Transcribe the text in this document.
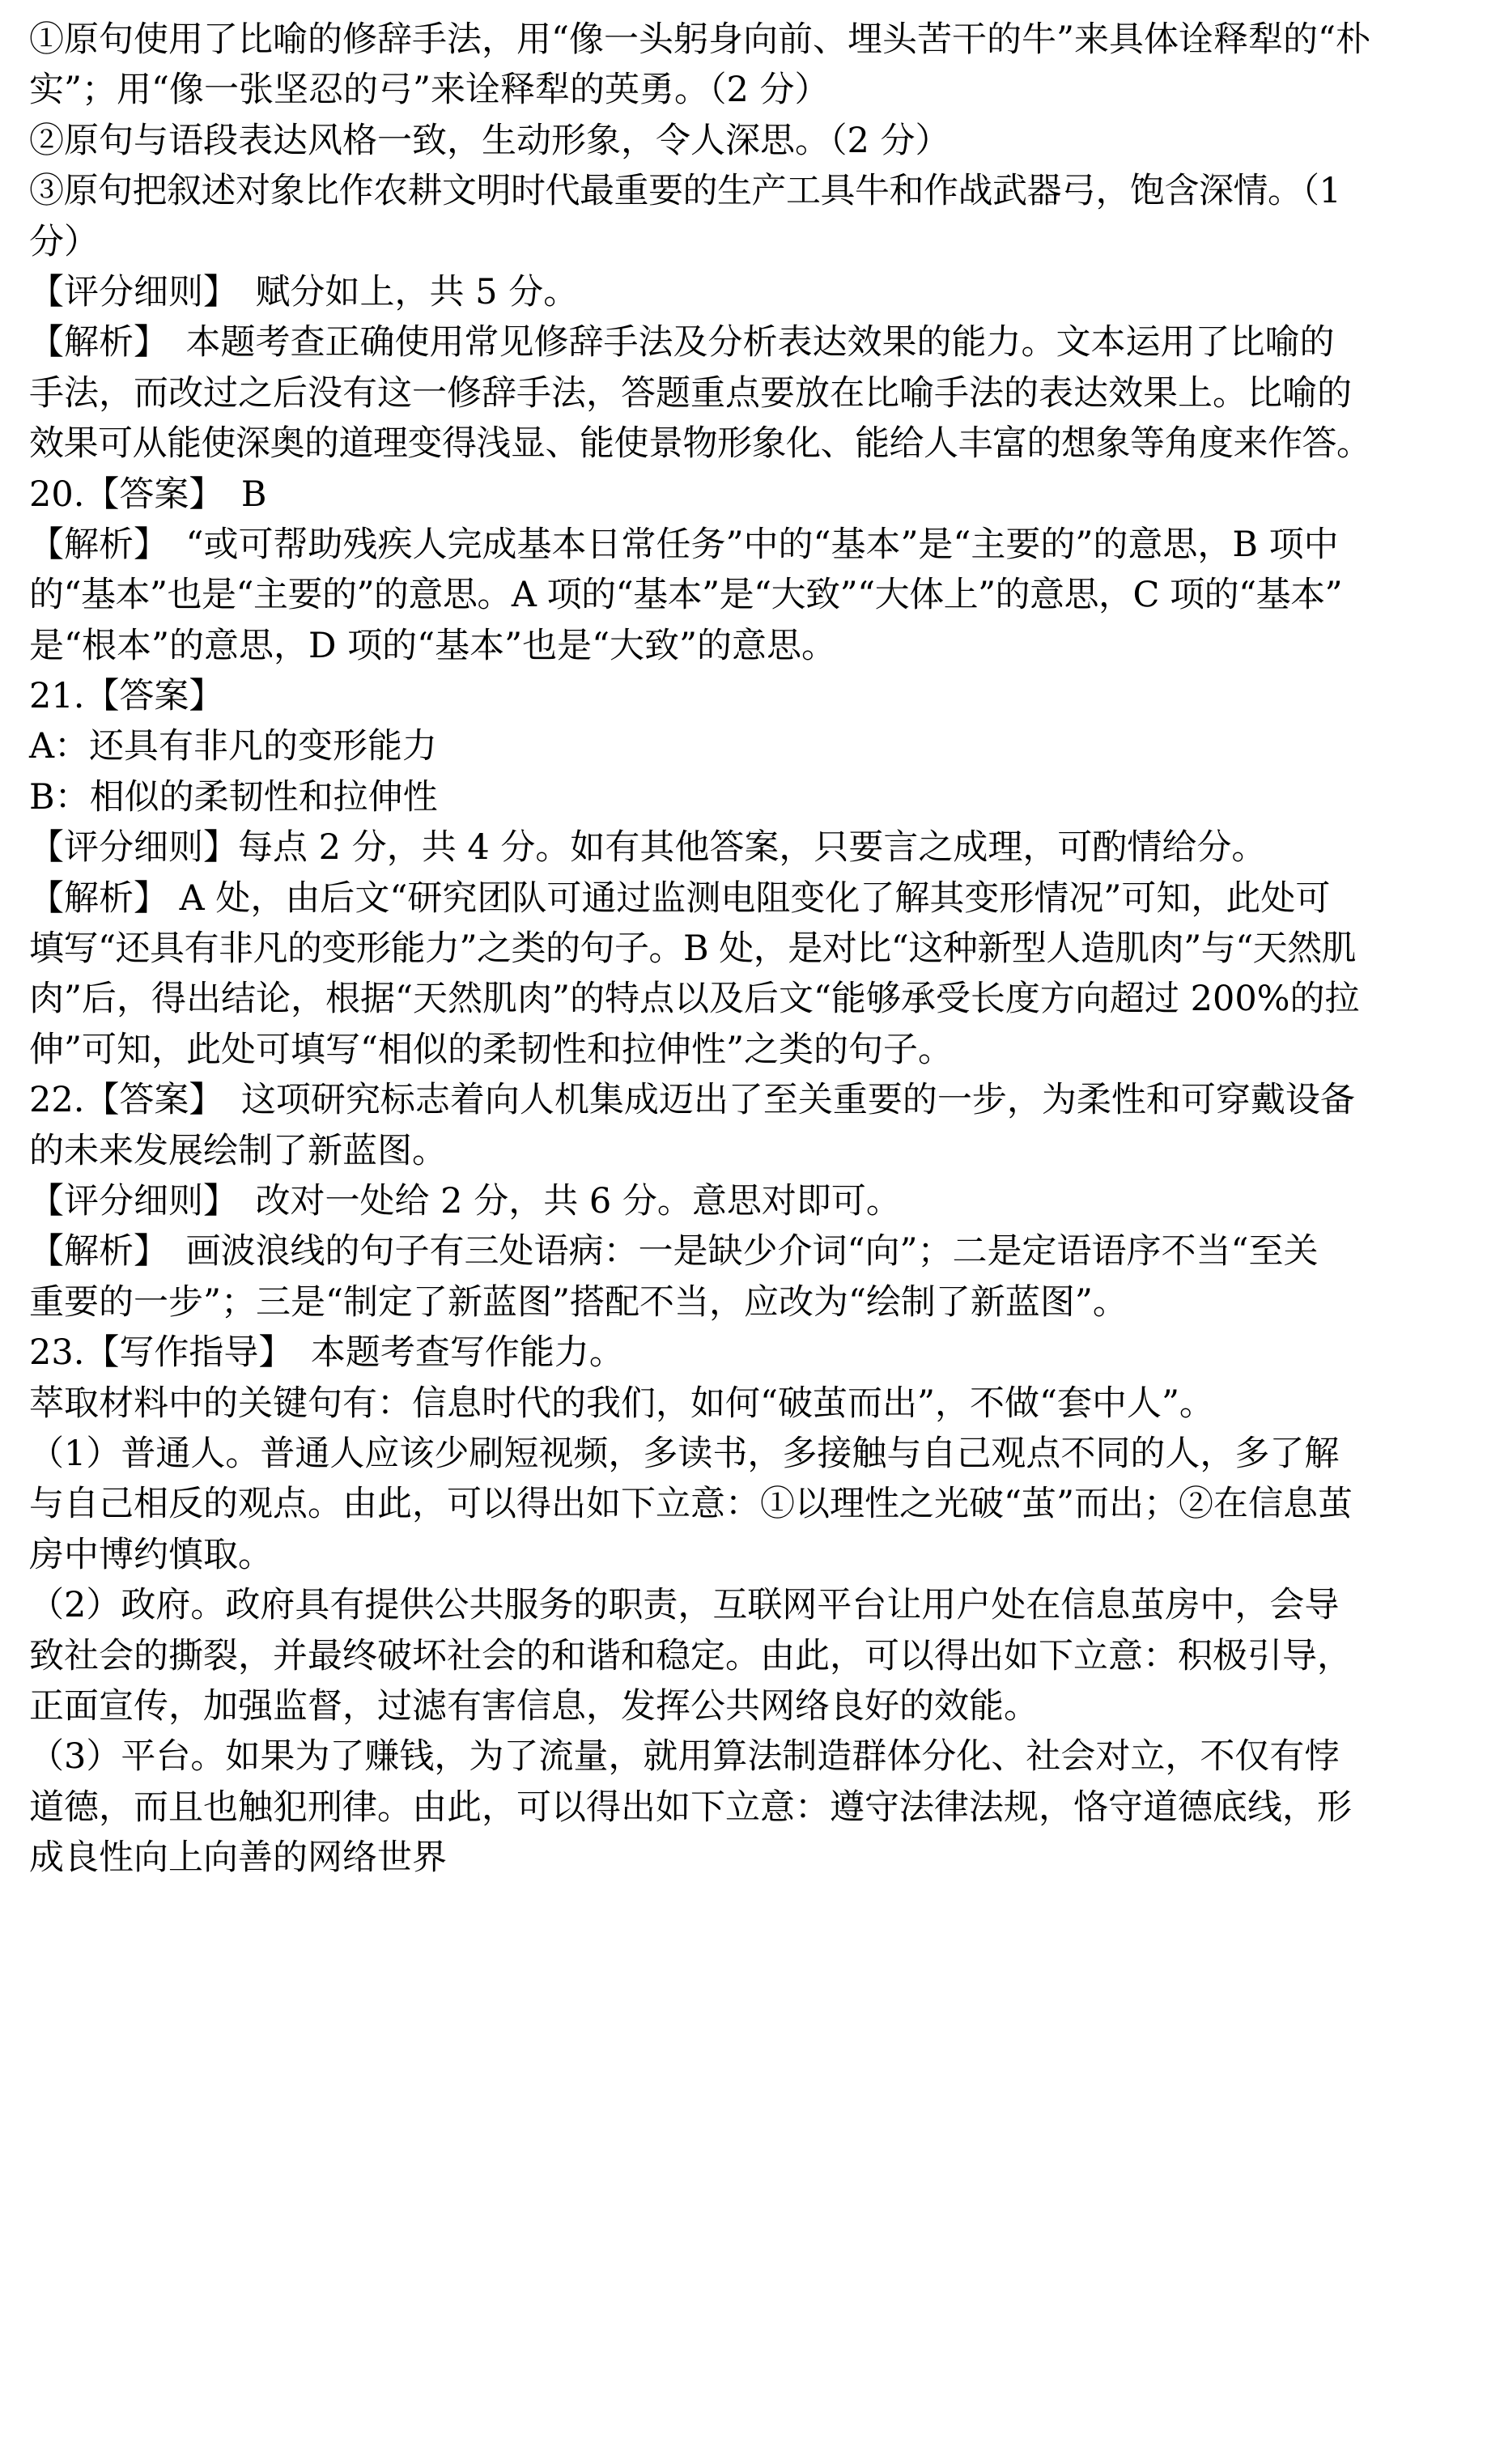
①原句使用了比喻的修辞手法，用“像一头躬身向前、埋头苦干的牛”来具体诠释犁的“朴
实”；用“像一张坚忍的弓”来诠释犁的英勇。（2 分）
②原句与语段表达风格一致，生动形象，令人深思。（2 分）
③原句把叙述对象比作农耕文明时代最重要的生产工具牛和作战武器弓，饱含深情。（1
分）
【评分细则】　赋分如上，共 5 分。
【解析】　本题考查正确使用常见修辞手法及分析表达效果的能力。文本运用了比喻的
手法，而改过之后没有这一修辞手法，答题重点要放在比喻手法的表达效果上。比喻的
效果可从能使深奥的道理变得浅显、能使景物形象化、能给人丰富的想象等角度来作答。
20.【答案】　B
【解析】　“或可帮助残疾人完成基本日常任务”中的“基本”是“主要的”的意思，B 项中
的“基本”也是“主要的”的意思。A 项的“基本”是“大致”“大体上”的意思，C 项的“基本”
是“根本”的意思，D 项的“基本”也是“大致”的意思。
21.【答案】
A：还具有非凡的变形能力
B：相似的柔韧性和拉伸性
【评分细则】每点 2 分，共 4 分。如有其他答案，只要言之成理，可酌情给分。
【解析】 A 处，由后文“研究团队可通过监测电阻变化了解其变形情况”可知，此处可
填写“还具有非凡的变形能力”之类的句子。B 处，是对比“这种新型人造肌肉”与“天然肌
肉”后，得出结论，根据“天然肌肉”的特点以及后文“能够承受长度方向超过 200%的拉
伸”可知，此处可填写“相似的柔韧性和拉伸性”之类的句子。
22.【答案】　这项研究标志着向人机集成迈出了至关重要的一步，为柔性和可穿戴设备
的未来发展绘制了新蓝图。
【评分细则】　改对一处给 2 分，共 6 分。意思对即可。
【解析】　画波浪线的句子有三处语病：一是缺少介词“向”；二是定语语序不当“至关
重要的一步”；三是“制定了新蓝图”搭配不当，应改为“绘制了新蓝图”。
23.【写作指导】　本题考查写作能力。
萃取材料中的关键句有：信息时代的我们，如何“破茧而出”，不做“套中人”。
（1）普通人。普通人应该少刷短视频，多读书，多接触与自己观点不同的人，多了解
与自己相反的观点。由此，可以得出如下立意：①以理性之光破“茧”而出；②在信息茧
房中博约慎取。
（2）政府。政府具有提供公共服务的职责，互联网平台让用户处在信息茧房中，会导
致社会的撕裂，并最终破坏社会的和谐和稳定。由此，可以得出如下立意：积极引导，
正面宣传，加强监督，过滤有害信息，发挥公共网络良好的效能。
（3）平台。如果为了赚钱，为了流量，就用算法制造群体分化、社会对立，不仅有悖
道德，而且也触犯刑律。由此，可以得出如下立意：遵守法律法规，恪守道德底线，形
成良性向上向善的网络世界
